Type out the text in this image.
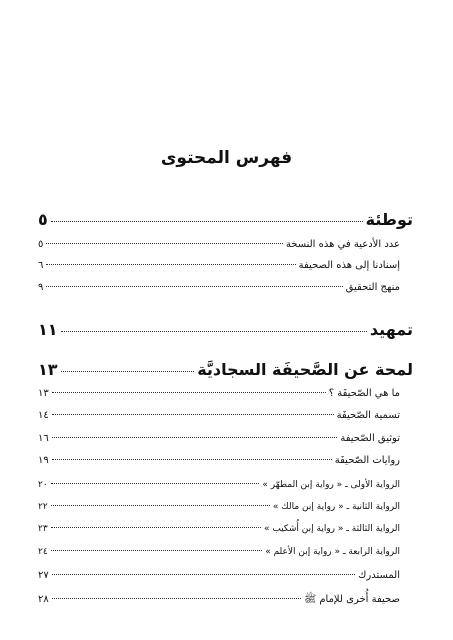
فهرس المحتوى
توطئة
٥
عدد الأدعية في هذه النسخة
٥
إسنادنا إلى هذه الصحيفة
٦
منهج التحقيق
٩
تمهيد
١١
لمحة عن الصَّحيفَة السجاديَّة
١٣
ما هي الصّحيفَة ؟
١٣
تسمية الصّحيفَة
١٤
توثيق الصّحيفة
١٦
روايات الصّحيفَة
١٩
الرواية الأولى ـ « رواية إبن المطهّر »
٢٠
الرواية الثانية ـ « رواية إبن مالك »
٢٢
الرواية الثالثة ـ « رواية إبن أُشكيب »
٢٣
الرواية الرابعة ـ « رواية إبن الأعلم »
٢٤
المستدرك
٢٧
صحيفة أُخرى للإمام ﷺ
٢٨
